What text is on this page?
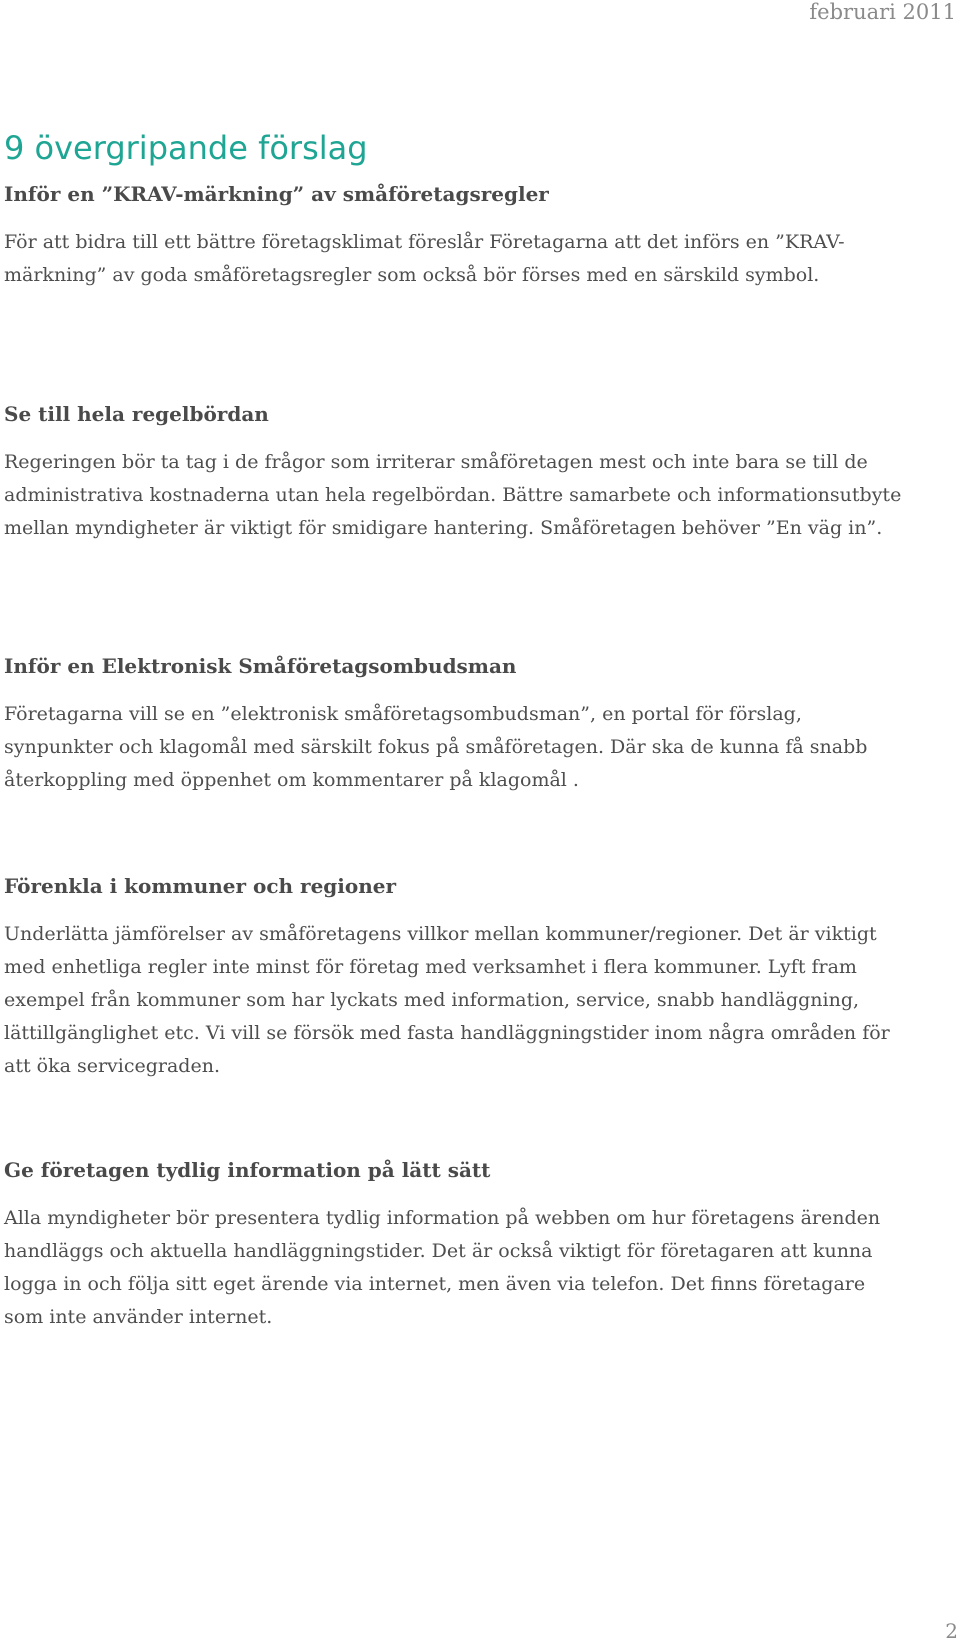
februari 2011
9 övergripande förslag
Inför en ”KRAV-märkning” av småföretagsregler

För att bidra till ett bättre företagsklimat föreslår Företagarna att det införs en ”KRAV-märkning” av goda småföretagsregler som också bör förses med en särskild symbol.

Se till hela regelbördan

Regeringen bör ta tag i de frågor som irriterar småföretagen mest och inte bara se till de administrativa kostnaderna utan hela regelbördan. Bättre samarbete och informationsutbyte mellan myndigheter är viktigt för smidigare hantering. Småföretagen behöver ”En väg in”.

Inför en Elektronisk Småföretagsombudsman

Företagarna vill se en ”elektronisk småföretagsombudsman”, en portal för förslag, synpunkter och klagomål med särskilt fokus på småföretagen. Där ska de kunna få snabb återkoppling med öppenhet om kommentarer på klagomål .

Förenkla i kommuner och regioner

Underlätta jämförelser av småföretagens villkor mellan kommuner/regioner. Det är viktigt med enhetliga regler inte minst för företag med verksamhet i flera kommuner. Lyft fram exempel från kommuner som har lyckats med information, service, snabb handläggning, lättillgänglighet etc. Vi vill se försök med fasta handläggningstider inom några områden för att öka servicegraden.

Ge företagen tydlig information på lätt sätt

Alla myndigheter bör presentera tydlig information på webben om hur företagens ärenden handläggs och aktuella handläggningstider. Det är också viktigt för företagaren att kunna logga in och följa sitt eget ärende via internet, men även via telefon. Det finns företagare som inte använder internet.

2
